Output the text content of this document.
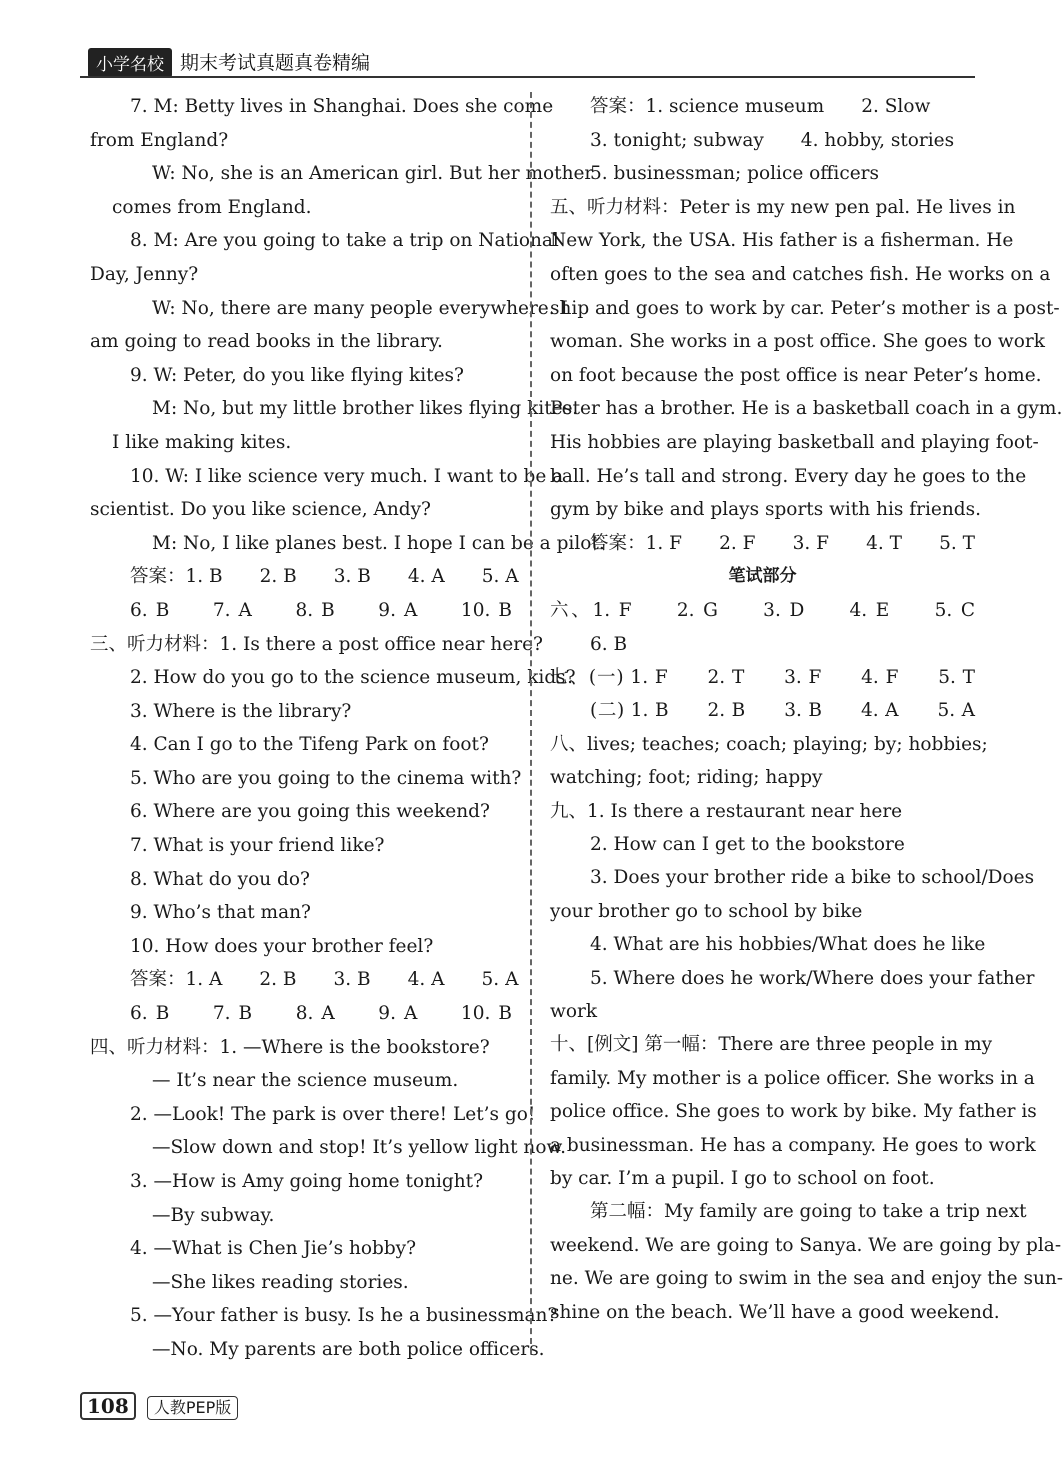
小学名校 期末考试真题真卷精编
7. M: Betty lives in Shanghai. Does she come
from England?
W: No, she is an American girl. But her mother
comes from England.
8. M: Are you going to take a trip on National
Day, Jenny?
W: No, there are many people everywhere. I
am going to read books in the library.
9. W: Peter, do you like flying kites?
M: No, but my little brother likes flying kites.
I like making kites.
10. W: I like science very much. I want to be a
scientist. Do you like science, Andy?
M: No, I like planes best. I hope I can be a pilot.
答案：1. B　　2. B　　3. B　　4. A　　5. A
6. B　　7. A　　8. B　　9. A　　10. B
三、听力材料：1. Is there a post office near here?
2. How do you go to the science museum, kids?
3. Where is the library?
4. Can I go to the Tifeng Park on foot?
5. Who are you going to the cinema with?
6. Where are you going this weekend?
7. What is your friend like?
8. What do you do?
9. Who’s that man?
10. How does your brother feel?
答案：1. A　　2. B　　3. B　　4. A　　5. A
6. B　　7. B　　8. A　　9. A　　10. B
四、听力材料：1. —Where is the bookstore?
— It’s near the science museum.
2. —Look! The park is over there! Let’s go!
—Slow down and stop! It’s yellow light now.
3. —How is Amy going home tonight?
—By subway.
4. —What is Chen Jie’s hobby?
—She likes reading stories.
5. —Your father is busy. Is he a businessman?
—No. My parents are both police officers.
答案：1. science museum　　2. Slow
3. tonight; subway　　4. hobby, stories
5. businessman; police officers
五、听力材料：Peter is my new pen pal. He lives in
New York, the USA. His father is a fisherman. He
often goes to the sea and catches fish. He works on a
ship and goes to work by car. Peter’s mother is a post-
woman. She works in a post office. She goes to work
on foot because the post office is near Peter’s home.
Peter has a brother. He is a basketball coach in a gym.
His hobbies are playing basketball and playing foot-
ball. He’s tall and strong. Every day he goes to the
gym by bike and plays sports with his friends.
答案：1. F　　2. F　　3. F　　4. T　　5. T
笔试部分
六、1. F　　2. G　　3. D　　4. E　　5. C
6. B
七、(一) 1. F　　2. T　　3. F　　4. F　　5. T
(二) 1. B　　2. B　　3. B　　4. A　　5. A
八、lives; teaches; coach; playing; by; hobbies;
watching; foot; riding; happy
九、1. Is there a restaurant near here
2. How can I get to the bookstore
3. Does your brother ride a bike to school/Does
your brother go to school by bike
4. What are his hobbies/What does he like
5. Where does he work/Where does your father
work
十、[例文] 第一幅：There are three people in my
family. My mother is a police officer. She works in a
police office. She goes to work by bike. My father is
a businessman. He has a company. He goes to work
by car. I’m a pupil. I go to school on foot.
第二幅：My family are going to take a trip next
weekend. We are going to Sanya. We are going by pla-
ne. We are going to swim in the sea and enjoy the sun-
shine on the beach. We’ll have a good weekend.
108 人教PEP版
